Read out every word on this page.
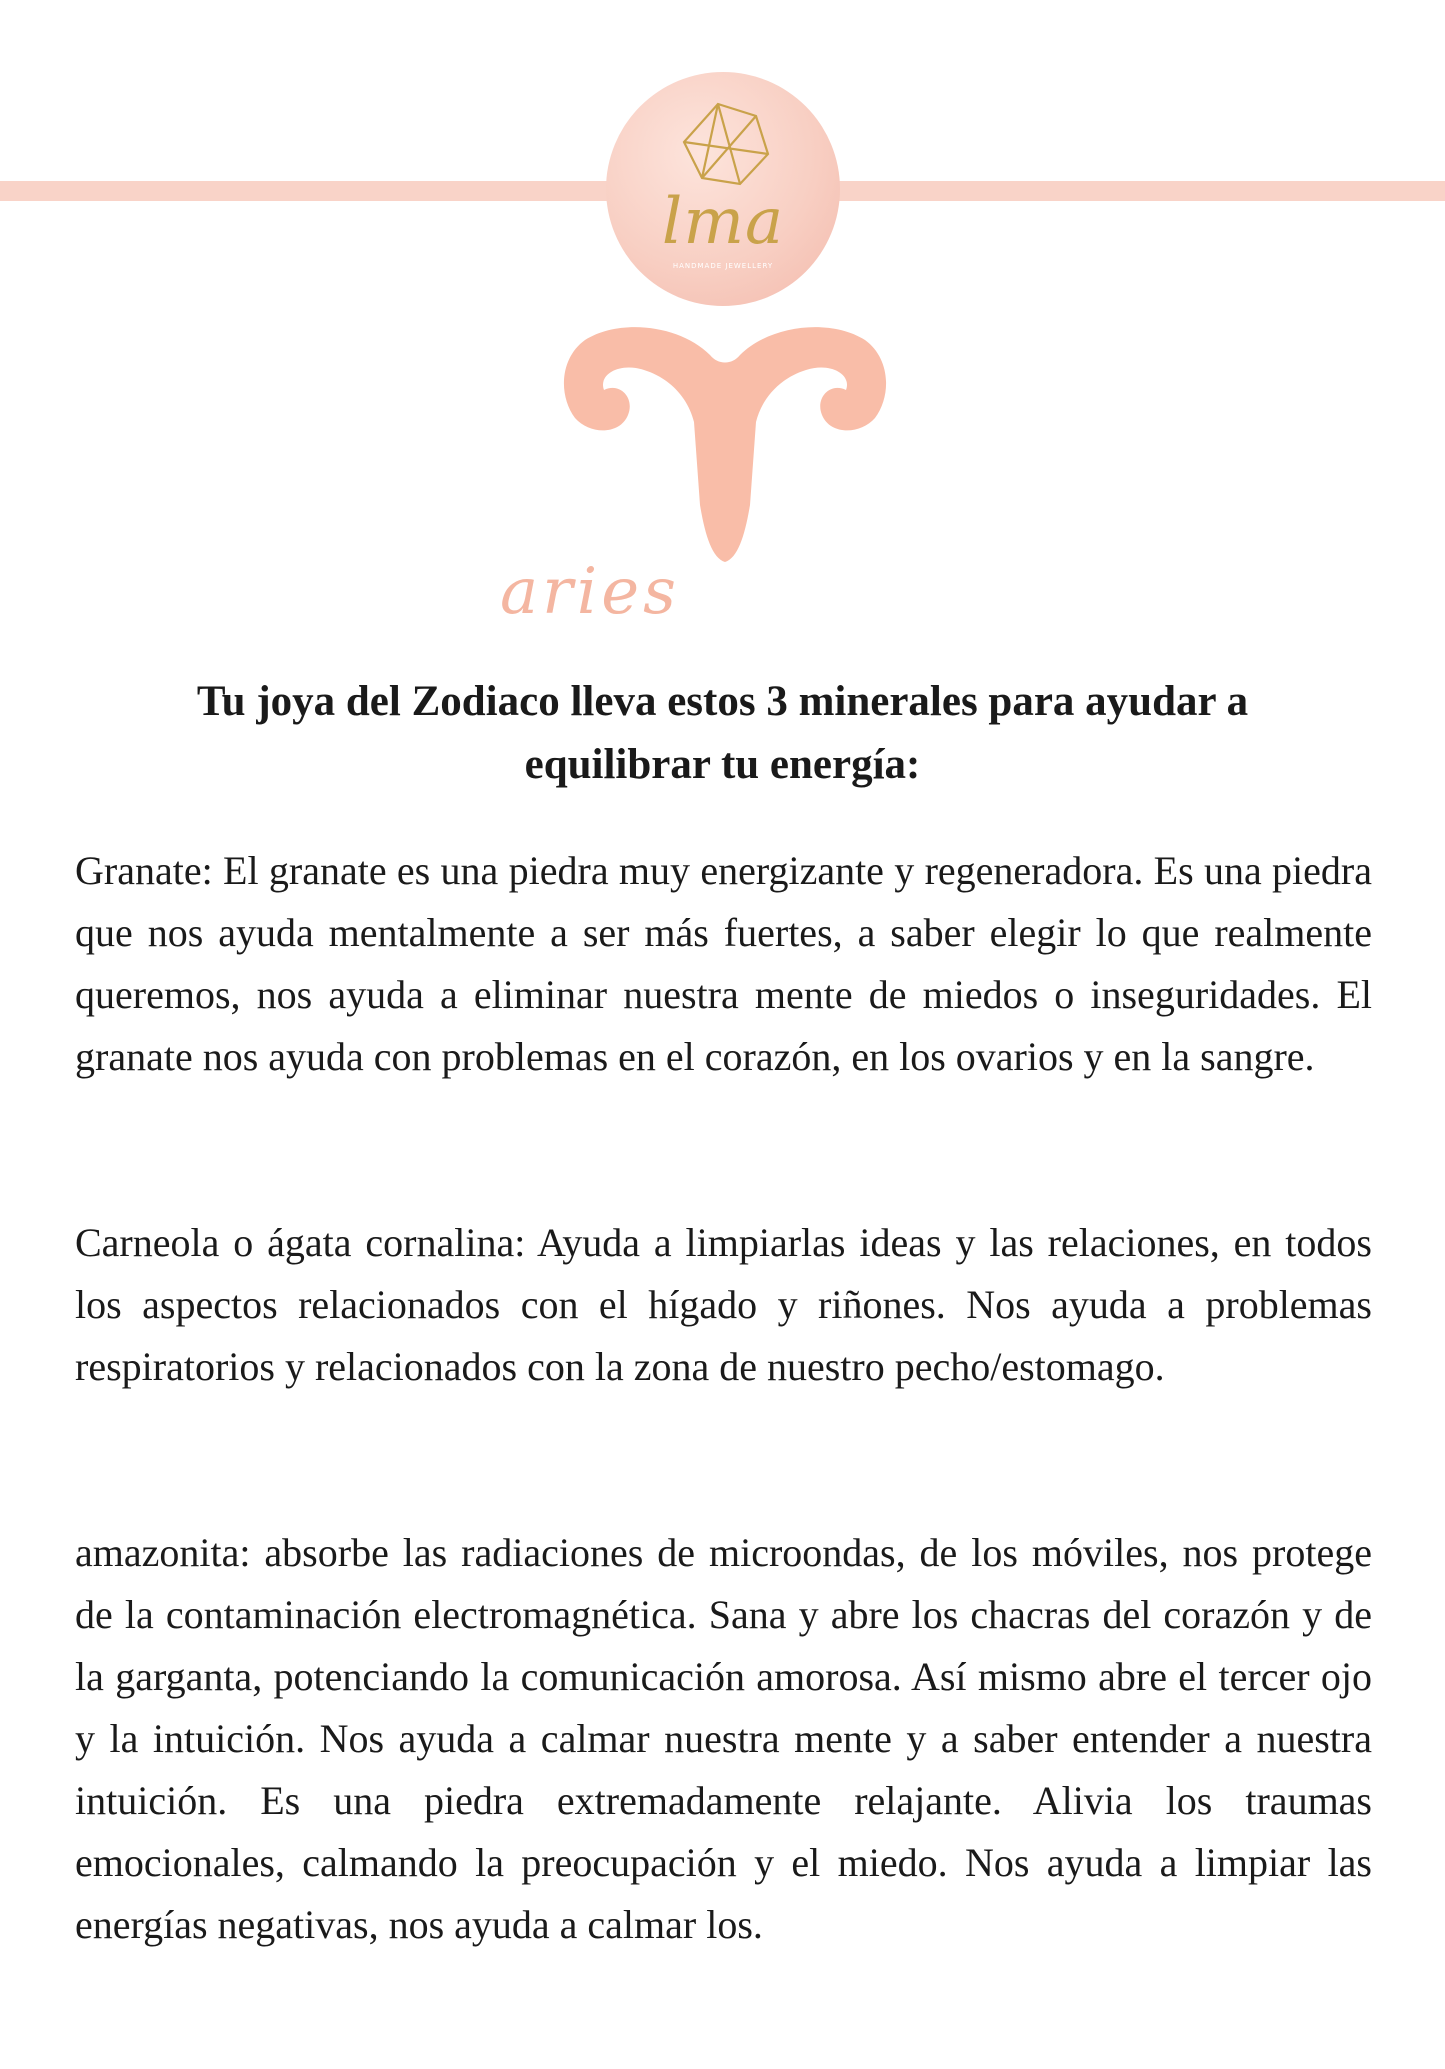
lma
HANDMADE JEWELLERY
aries

Tu joya del Zodiaco lleva estos 3 minerales para ayudar a equilibrar tu energía:

Granate: El granate es una piedra muy energizante y regeneradora. Es una piedra que nos ayuda mentalmente a ser más fuertes, a saber elegir lo que realmente queremos, nos ayuda a eliminar nuestra mente de miedos o inseguridades. El granate nos ayuda con problemas en el corazón, en los ovarios y en la sangre.

Carneola o ágata cornalina: Ayuda a limpiarlas ideas y las relaciones, en todos los aspectos relacionados con el hígado y riñones. Nos ayuda a problemas respiratorios y relacionados con la zona de nuestro pecho/estomago.

amazonita: absorbe las radiaciones de microondas, de los móviles, nos protege de la contaminación electromagnética. Sana y abre los chacras del corazón y de la garganta, potenciando la comunicación amorosa. Así mismo abre el tercer ojo y la intuición. Nos ayuda a calmar nuestra mente y a saber entender a nuestra intuición. Es una piedra extremadamente relajante. Alivia los traumas emocionales, calmando la preocupación y el miedo. Nos ayuda a limpiar las energías negativas, nos ayuda a calmar los.
